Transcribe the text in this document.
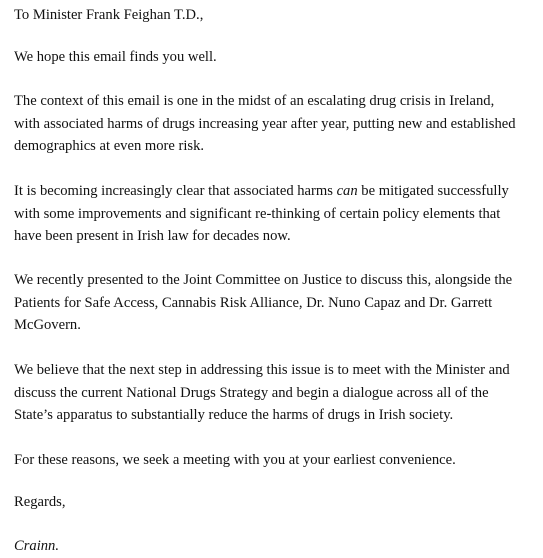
To Minister Frank Feighan T.D.,

We hope this email finds you well.

The context of this email is one in the midst of an escalating drug crisis in Ireland,
with associated harms of drugs increasing year after year, putting new and established
demographics at even more risk.

It is becoming increasingly clear that associated harms can be mitigated successfully
with some improvements and significant re-thinking of certain policy elements that
have been present in Irish law for decades now.

We recently presented to the Joint Committee on Justice to discuss this, alongside the
Patients for Safe Access, Cannabis Risk Alliance, Dr. Nuno Capaz and Dr. Garrett
McGovern.

We believe that the next step in addressing this issue is to meet with the Minister and
discuss the current National Drugs Strategy and begin a dialogue across all of the
State’s apparatus to substantially reduce the harms of drugs in Irish society.

For these reasons, we seek a meeting with you at your earliest convenience.

Regards,

Crainn.
